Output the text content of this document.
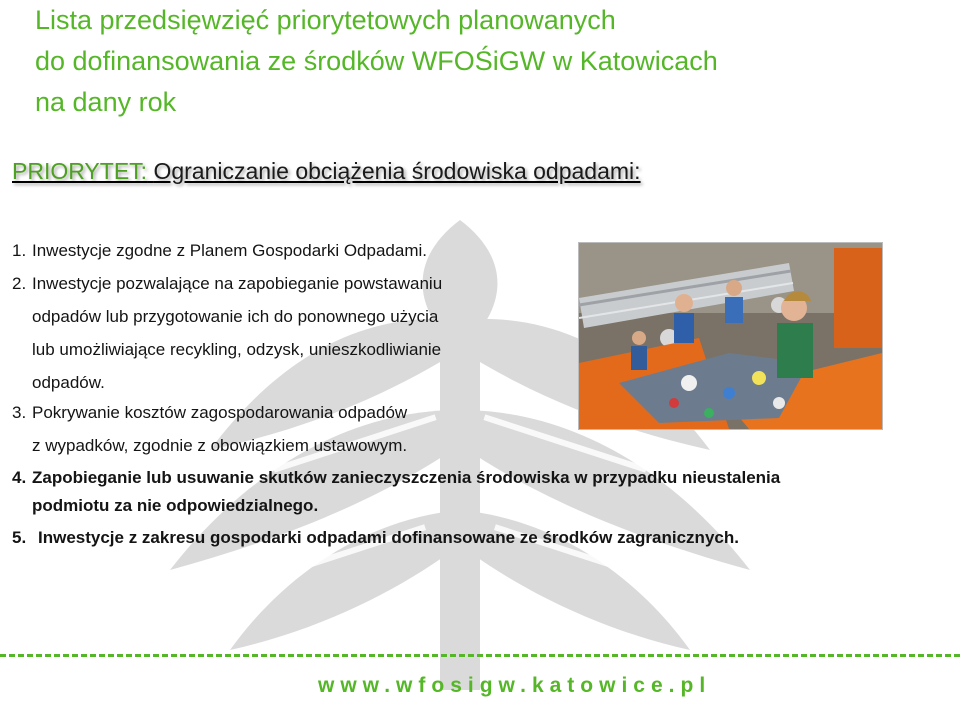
Lista przedsięwzięć priorytetowych planowanych
do dofinansowania ze środków WFOŚiGW w Katowicach
na dany rok
PRIORYTET: Ograniczanie obciążenia środowiska odpadami:
1. Inwestycje zgodne z Planem Gospodarki Odpadami.
2. Inwestycje pozwalające na zapobieganie powstawaniu
odpadów lub przygotowanie ich do ponownego użycia
lub umożliwiające recykling, odzysk, unieszkodliwianie
odpadów.
3. Pokrywanie kosztów zagospodarowania odpadów
z wypadków, zgodnie z obowiązkiem ustawowym.
4. Zapobieganie lub usuwanie skutków zanieczyszczenia środowiska w przypadku nieustalenia
podmiotu za nie odpowiedzialnego.
5. Inwestycje z zakresu gospodarki odpadami dofinansowane ze środków zagranicznych.
www.wfosigw.katowice.pl
